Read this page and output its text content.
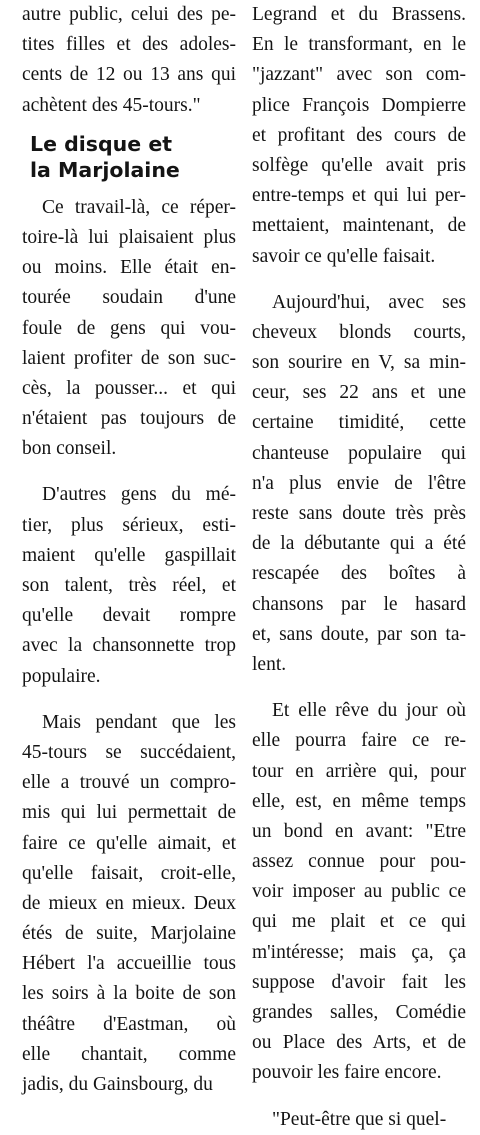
autre public, celui des pe-
tites filles et des adoles-
cents de 12 ou 13 ans qui
achètent des 45-tours."
Le disque et
la Marjolaine
Ce travail-là, ce réper-
toire-là lui plaisaient plus
ou moins. Elle était en-
tourée soudain d'une
foule de gens qui vou-
laient profiter de son suc-
cès, la pousser... et qui
n'étaient pas toujours de
bon conseil.
D'autres gens du mé-
tier, plus sérieux, esti-
maient qu'elle gaspillait
son talent, très réel, et
qu'elle devait rompre
avec la chansonnette trop
populaire.
Mais pendant que les
45-tours se succédaient,
elle a trouvé un compro-
mis qui lui permettait de
faire ce qu'elle aimait, et
qu'elle faisait, croit-elle,
de mieux en mieux. Deux
étés de suite, Marjolaine
Hébert l'a accueillie tous
les soirs à la boite de son
théâtre d'Eastman, où
elle chantait, comme
jadis, du Gainsbourg, du
Legrand et du Brassens.
En le transformant, en le
"jazzant" avec son com-
plice François Dompierre
et profitant des cours de
solfège qu'elle avait pris
entre-temps et qui lui per-
mettaient, maintenant, de
savoir ce qu'elle faisait.
Aujourd'hui, avec ses
cheveux blonds courts,
son sourire en V, sa min-
ceur, ses 22 ans et une
certaine timidité, cette
chanteuse populaire qui
n'a plus envie de l'être
reste sans doute très près
de la débutante qui a été
rescapée des boîtes à
chansons par le hasard
et, sans doute, par son ta-
lent.
Et elle rêve du jour où
elle pourra faire ce re-
tour en arrière qui, pour
elle, est, en même temps
un bond en avant: "Etre
assez connue pour pou-
voir imposer au public ce
qui me plait et ce qui
m'intéresse; mais ça, ça
suppose d'avoir fait les
grandes salles, Comédie
ou Place des Arts, et de
pouvoir les faire encore.
"Peut-être que si quel-
